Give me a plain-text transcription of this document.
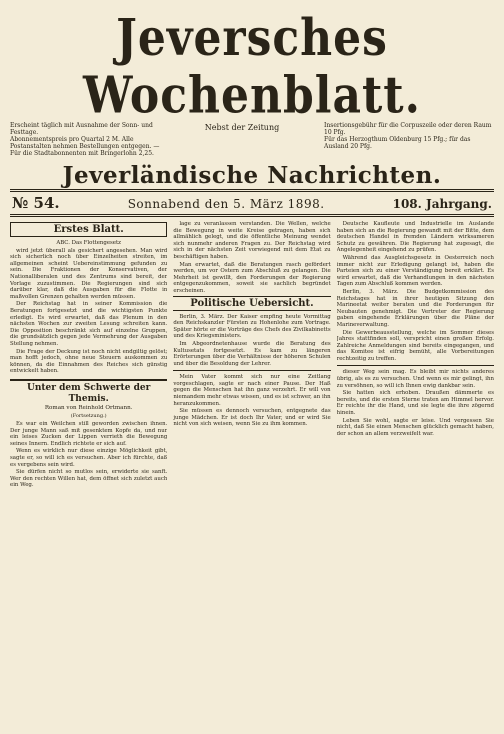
Jeversches Wochenblatt.
Erscheint täglich mit Ausnahme der Sonn- und Festtage.
Abonnementspreis pro Quartal 2 M. Alle Postanstalten nehmen Bestellungen entgegen. — Für die Stadtabonnenten mit Bringerlohn 2,25.
Nebst der Zeitung	Insertionsgebühr für die Corpuszeile oder deren Raum 10 Pfg.
Für das Herzogthum Oldenburg 15 Pfg.; für das Ausland 20 Pfg.
Jeverländische Nachrichten.
№ 54.	Sonnabend den 5. März 1898.	108. Jahrgang.
Erstes Blatt.

ABC. Das Flottengesetz

wird jetzt überall als gesichert angesehen. Man wird sich sicherlich noch über Einzelheiten streiten, im allgemeinen scheint Uebereinstimmung gefunden zu sein. Die Fraktionen der Konservativen, der Nationalliberalen und des Zentrums sind bereit, der Vorlage zuzustimmen. Die Regierungen sind sich darüber klar, daß die Ausgaben für die Flotte in maßvollen Grenzen gehalten werden müssen.

Der Reichstag hat in seiner Kommission die Beratungen fortgesetzt und die wichtigsten Punkte erledigt. Es wird erwartet, daß das Plenum in den nächsten Wochen zur zweiten Lesung schreiten kann. Die Opposition beschränkt sich auf einzelne Gruppen, die grundsätzlich gegen jede Vermehrung der Ausgaben Stellung nehmen.

Die Frage der Deckung ist noch nicht endgiltig gelöst; man hofft jedoch, ohne neue Steuern auskommen zu können, da die Einnahmen des Reiches sich günstig entwickelt haben.

Unter dem Schwerte der Themis.
Roman von Reinhold Ortmann.

(Fortsetzung.)

Es war ein Weilchen still geworden zwischen ihnen. Der junge Mann saß mit gesenktem Kopfe da, und nur ein leises Zucken der Lippen verrieth die Bewegung seines Innern. Endlich richtete er sich auf.

Wenn es wirklich nur diese einzige Möglichkeit gibt, sagte er, so will ich es versuchen. Aber ich fürchte, daß es vergebens sein wird.

Sie dürfen nicht so mutlos sein, erwiderte sie sanft. Wer den rechten Willen hat, dem öffnet sich zuletzt auch ein Weg.

lage zu veranlassen verstanden. Die Wellen, welche die Bewegung in weite Kreise getragen, haben sich allmählich gelegt, und die öffentliche Meinung wendet sich nunmehr anderen Fragen zu. Der Reichstag wird sich in der nächsten Zeit vorwiegend mit dem Etat zu beschäftigen haben.

Man erwartet, daß die Beratungen rasch gefördert werden, um vor Ostern zum Abschluß zu gelangen. Die Mehrheit ist gewillt, den Forderungen der Regierung entgegenzukommen, soweit sie sachlich begründet erscheinen.

Politische Uebersicht.

Berlin, 3. März. Der Kaiser empfing heute Vormittag den Reichskanzler Fürsten zu Hohenlohe zum Vortrage. Später hörte er die Vorträge des Chefs des Zivilkabinetts und des Kriegsministers.

Im Abgeordnetenhause wurde die Beratung des Kultusetats fortgesetzt. Es kam zu längeren Erörterungen über die Verhältnisse der höheren Schulen und über die Besoldung der Lehrer.

Mein Vater kommt sich nur eine Zeitlang vorgeschlagen, sagte er nach einer Pause. Der Haß gegen die Menschen hat ihn ganz verzehrt. Er will von niemandem mehr etwas wissen, und es ist schwer, an ihn heranzukommen.

Sie müssen es dennoch versuchen, entgegnete das junge Mädchen. Er ist doch Ihr Vater, und er wird Sie nicht von sich weisen, wenn Sie zu ihm kommen.

Deutsche Kaufleute und Industrielle im Auslande haben sich an die Regierung gewandt mit der Bitte, dem deutschen Handel in fremden Ländern wirksameren Schutz zu gewähren. Die Regierung hat zugesagt, die Angelegenheit eingehend zu prüfen.

Während das Ausgleichsgesetz in Oesterreich noch immer nicht zur Erledigung gelangt ist, haben die Parteien sich zu einer Verständigung bereit erklärt. Es wird erwartet, daß die Verhandlungen in den nächsten Tagen zum Abschluß kommen werden.

Berlin, 3. März. Die Budgetkommission des Reichstages hat in ihrer heutigen Sitzung den Marineetat weiter beraten und die Forderungen für Neubauten genehmigt. Die Vertreter der Regierung gaben eingehende Erklärungen über die Pläne der Marineverwaltung.

Die Gewerbeausstellung, welche im Sommer dieses Jahres stattfinden soll, verspricht einen großen Erfolg. Zahlreiche Anmeldungen sind bereits eingegangen, und das Komitee ist eifrig bemüht, alle Vorbereitungen rechtzeitig zu treffen.

dieser Weg sein mag. Es bleibt mir nichts anderes übrig, als es zu versuchen. Und wenn es mir gelingt, ihn zu versöhnen, so will ich Ihnen ewig dankbar sein.

Sie hatten sich erhoben. Draußen dämmerte es bereits, und die ersten Sterne traten am Himmel hervor. Er reichte ihr die Hand, und sie legte die ihre zögernd hinein.

Leben Sie wohl, sagte er leise. Und vergessen Sie nicht, daß Sie einen Menschen glücklich gemacht haben, der schon an allem verzweifelt war.
